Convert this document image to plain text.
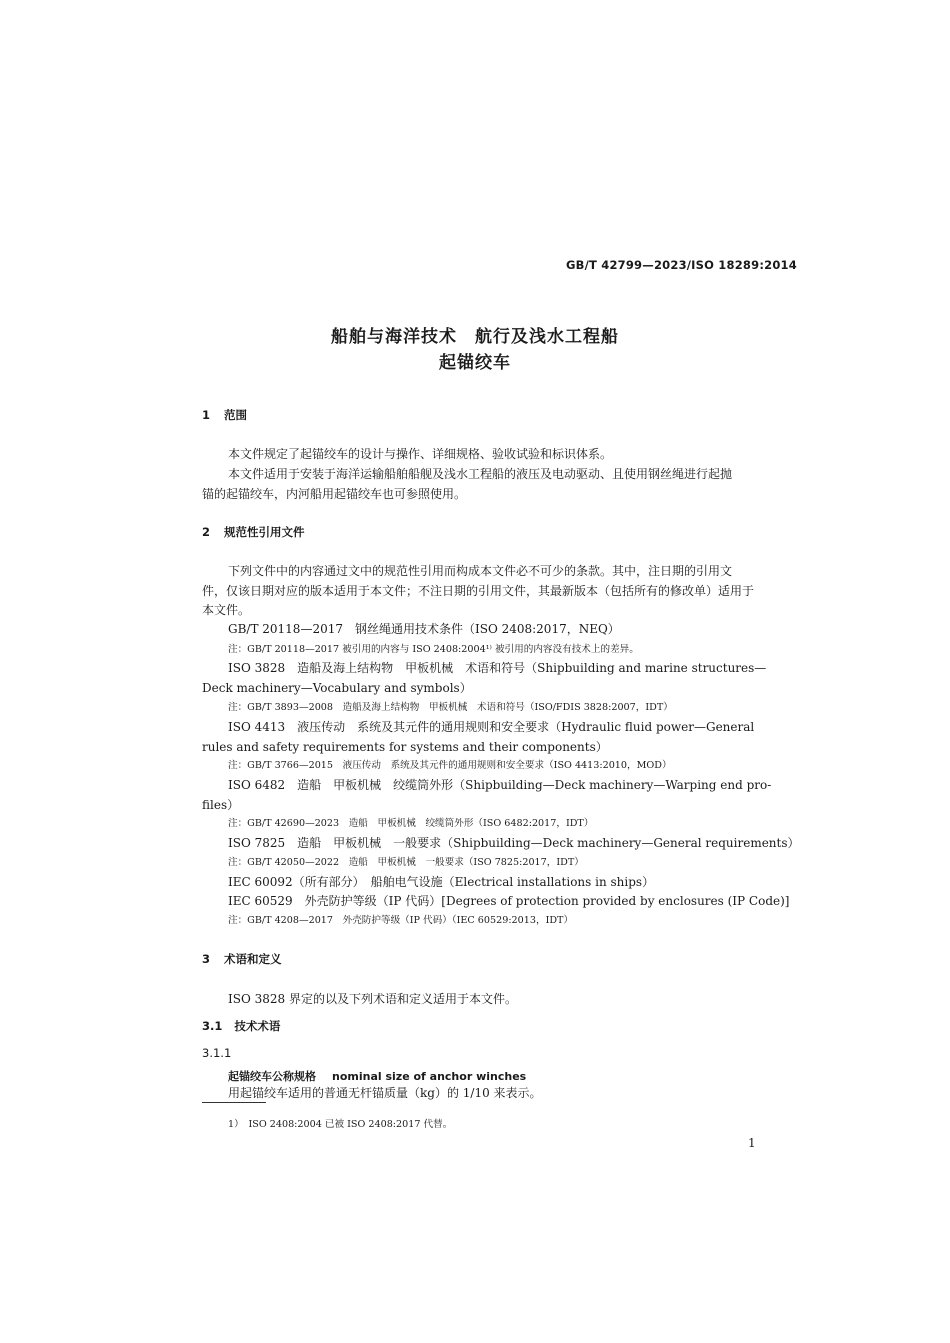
GB/T 42799—2023/ISO 18289:2014
船舶与海洋技术　航行及浅水工程船
起锚绞车
1 范围

本文件规定了起锚绞车的设计与操作、详细规格、验收试验和标识体系。

本文件适用于安装于海洋运输船舶船舰及浅水工程船的液压及电动驱动、且使用钢丝绳进行起抛

锚的起锚绞车，内河船用起锚绞车也可参照使用。

2 规范性引用文件

下列文件中的内容通过文中的规范性引用而构成本文件必不可少的条款。其中，注日期的引用文

件，仅该日期对应的版本适用于本文件；不注日期的引用文件，其最新版本（包括所有的修改单）适用于

本文件。

GB/T 20118—2017　钢丝绳通用技术条件（ISO 2408:2017，NEQ）

注：GB/T 20118—2017 被引用的内容与 ISO 2408:2004¹⁾ 被引用的内容没有技术上的差异。

ISO 3828　造船及海上结构物　甲板机械　术语和符号（Shipbuilding and marine structures—

Deck machinery—Vocabulary and symbols）

注：GB/T 3893—2008　造船及海上结构物　甲板机械　术语和符号（ISO/FDIS 3828:2007，IDT）

ISO 4413　液压传动　系统及其元件的通用规则和安全要求（Hydraulic fluid power—General

rules and safety requirements for systems and their components）

注：GB/T 3766—2015　液压传动　系统及其元件的通用规则和安全要求（ISO 4413:2010，MOD）

ISO 6482　造船　甲板机械　绞缆筒外形（Shipbuilding—Deck machinery—Warping end pro-

files）

注：GB/T 42690—2023　造船　甲板机械　绞缆筒外形（ISO 6482:2017，IDT）

ISO 7825　造船　甲板机械　一般要求（Shipbuilding—Deck machinery—General requirements）

注：GB/T 42050—2022　造船　甲板机械　一般要求（ISO 7825:2017，IDT）

IEC 60092（所有部分）　船舶电气设施（Electrical installations in ships）

IEC 60529　外壳防护等级（IP 代码）[Degrees of protection provided by enclosures (IP Code)]

注：GB/T 4208—2017　外壳防护等级（IP 代码）（IEC 60529:2013，IDT）

3 术语和定义

ISO 3828 界定的以及下列术语和定义适用于本文件。

3.1 技术术语

3.1.1

起锚绞车公称规格 nominal size of anchor winches

用起锚绞车适用的普通无杆锚质量（kg）的 1/10 来表示。

1）　ISO 2408:2004 已被 ISO 2408:2017 代替。

1
